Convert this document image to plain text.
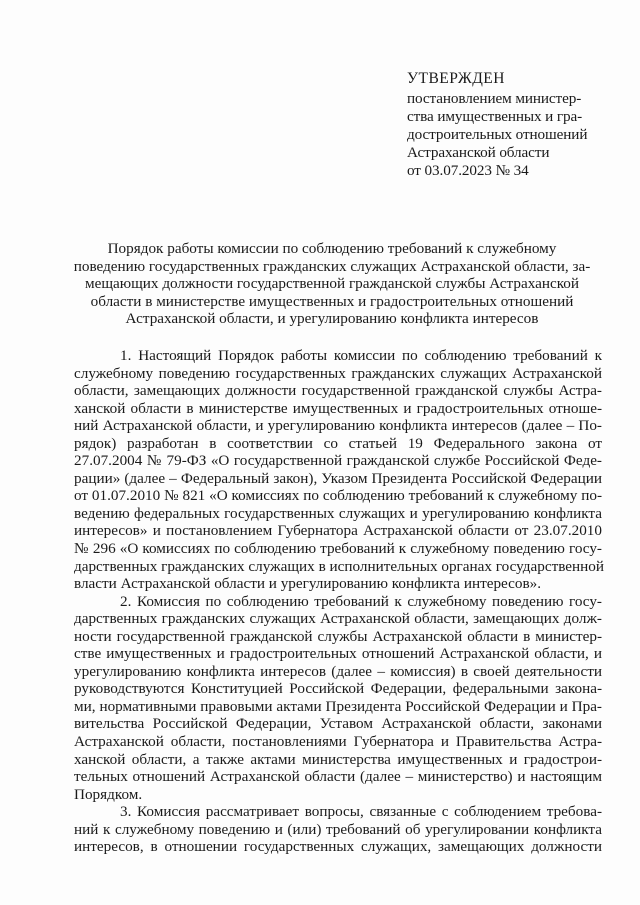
УТВЕРЖДЕН
постановлением министер-
ства имущественных и гра-
достроительных отношений
Астраханской области
от 03.07.2023 № 34
Порядок работы комиссии по соблюдению требований к служебному
поведению государственных гражданских служащих Астраханской области, за-
мещающих должности государственной гражданской службы Астраханской
области в министерстве имущественных и градостроительных отношений
Астраханской области, и урегулированию конфликта интересов
1. Настоящий Порядок работы комиссии по соблюдению требований к
служебному поведению государственных гражданских служащих Астраханской
области, замещающих должности государственной гражданской службы Астра-
ханской области в министерстве имущественных и градостроительных отноше-
ний Астраханской области, и урегулированию конфликта интересов (далее – По-
рядок) разработан в соответствии со статьей 19 Федерального закона от
27.07.2004 № 79-ФЗ «О государственной гражданской службе Российской Феде-
рации» (далее – Федеральный закон), Указом Президента Российской Федерации
от 01.07.2010 № 821 «О комиссиях по соблюдению требований к служебному по-
ведению федеральных государственных служащих и урегулированию конфликта
интересов» и постановлением Губернатора Астраханской области от 23.07.2010
№ 296 «О комиссиях по соблюдению требований к служебному поведению госу-
дарственных гражданских служащих в исполнительных органах государственной
власти Астраханской области и урегулированию конфликта интересов».
2. Комиссия по соблюдению требований к служебному поведению госу-
дарственных гражданских служащих Астраханской области, замещающих долж-
ности государственной гражданской службы Астраханской области в министер-
стве имущественных и градостроительных отношений Астраханской области, и
урегулированию конфликта интересов (далее – комиссия) в своей деятельности
руководствуются Конституцией Российской Федерации, федеральными закона-
ми, нормативными правовыми актами Президента Российской Федерации и Пра-
вительства Российской Федерации, Уставом Астраханской области, законами
Астраханской области, постановлениями Губернатора и Правительства Астра-
ханской области, а также актами министерства имущественных и градострои-
тельных отношений Астраханской области (далее – министерство) и настоящим
Порядком.
3. Комиссия рассматривает вопросы, связанные с соблюдением требова-
ний к служебному поведению и (или) требований об урегулировании конфликта
интересов, в отношении государственных служащих, замещающих должности
